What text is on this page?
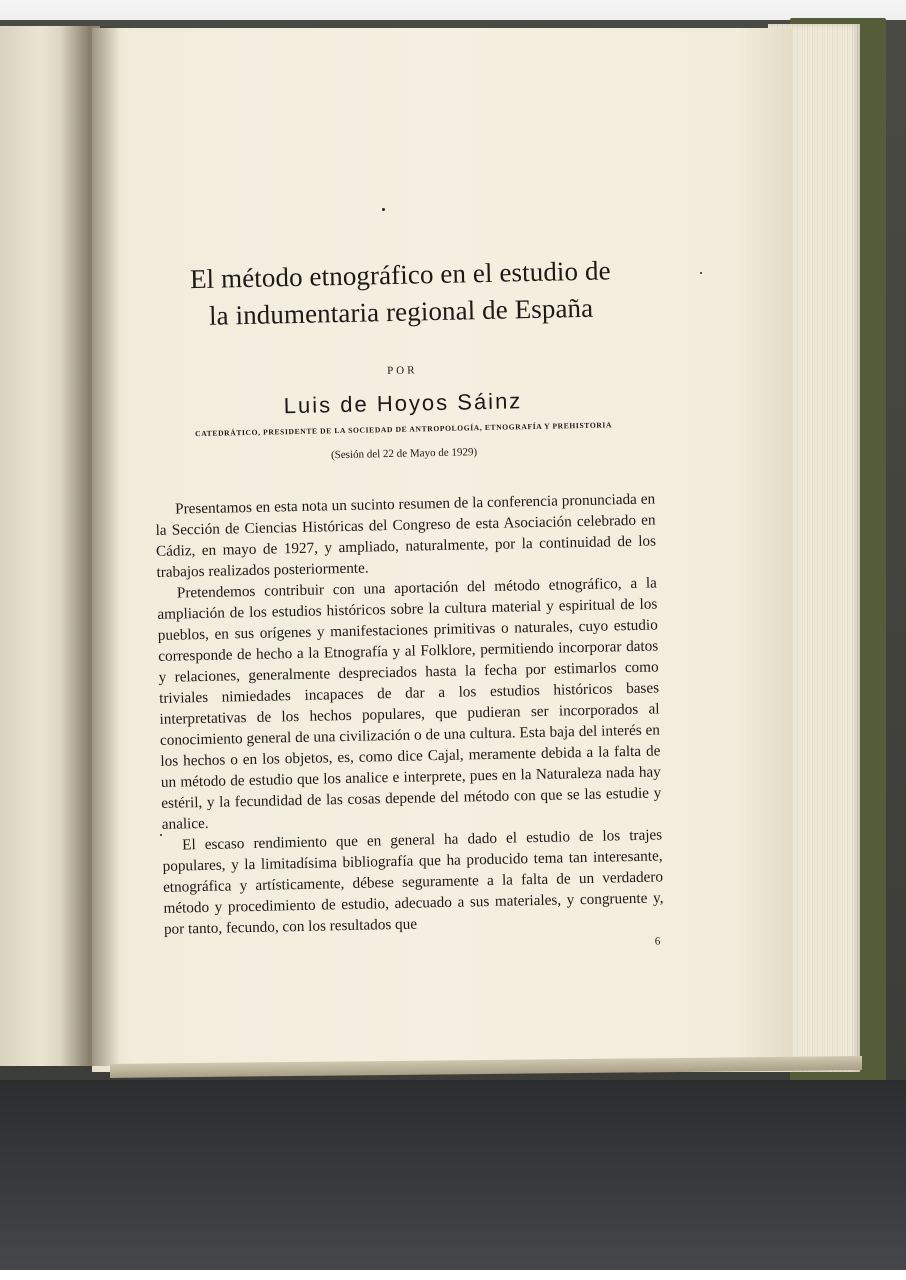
El método etnográfico en el estudio de
la indumentaria regional de España
POR
Luis de Hoyos Sáinz
CATEDRÁTICO, PRESIDENTE DE LA SOCIEDAD DE ANTROPOLOGÍA, ETNOGRAFÍA Y PREHISTORIA
(Sesión del 22 de Mayo de 1929)

Presentamos en esta nota un sucinto resumen de la conferencia pronunciada en la Sección de Ciencias Históricas del Congreso de esta Asociación celebrado en Cádiz, en mayo de 1927, y ampliado, naturalmente, por la continuidad de los trabajos realizados posteriormente.

Pretendemos contribuir con una aportación del método etnográfico, a la ampliación de los estudios históricos sobre la cultura material y espiritual de los pueblos, en sus orígenes y manifestaciones primitivas o naturales, cuyo estudio corresponde de hecho a la Etnografía y al Folklore, permitiendo incorporar datos y relaciones, generalmente despreciados hasta la fecha por estimarlos como triviales nimiedades incapaces de dar a los estudios históricos bases interpretativas de los hechos populares, que pudieran ser incorporados al conocimiento general de una civilización o de una cultura. Esta baja del interés en los hechos o en los objetos, es, como dice Cajal, meramente debida a la falta de un método de estudio que los analice e interprete, pues en la Naturaleza nada hay estéril, y la fecundidad de las cosas depende del método con que se las estudie y analice.

El escaso rendimiento que en general ha dado el estudio de los trajes populares, y la limitadísima bibliografía que ha producido tema tan interesante, etnográfica y artísticamente, débese seguramente a la falta de un verdadero método y procedimiento de estudio, adecuado a sus materiales, y congruente y, por tanto, fecundo, con los resultados que

6
